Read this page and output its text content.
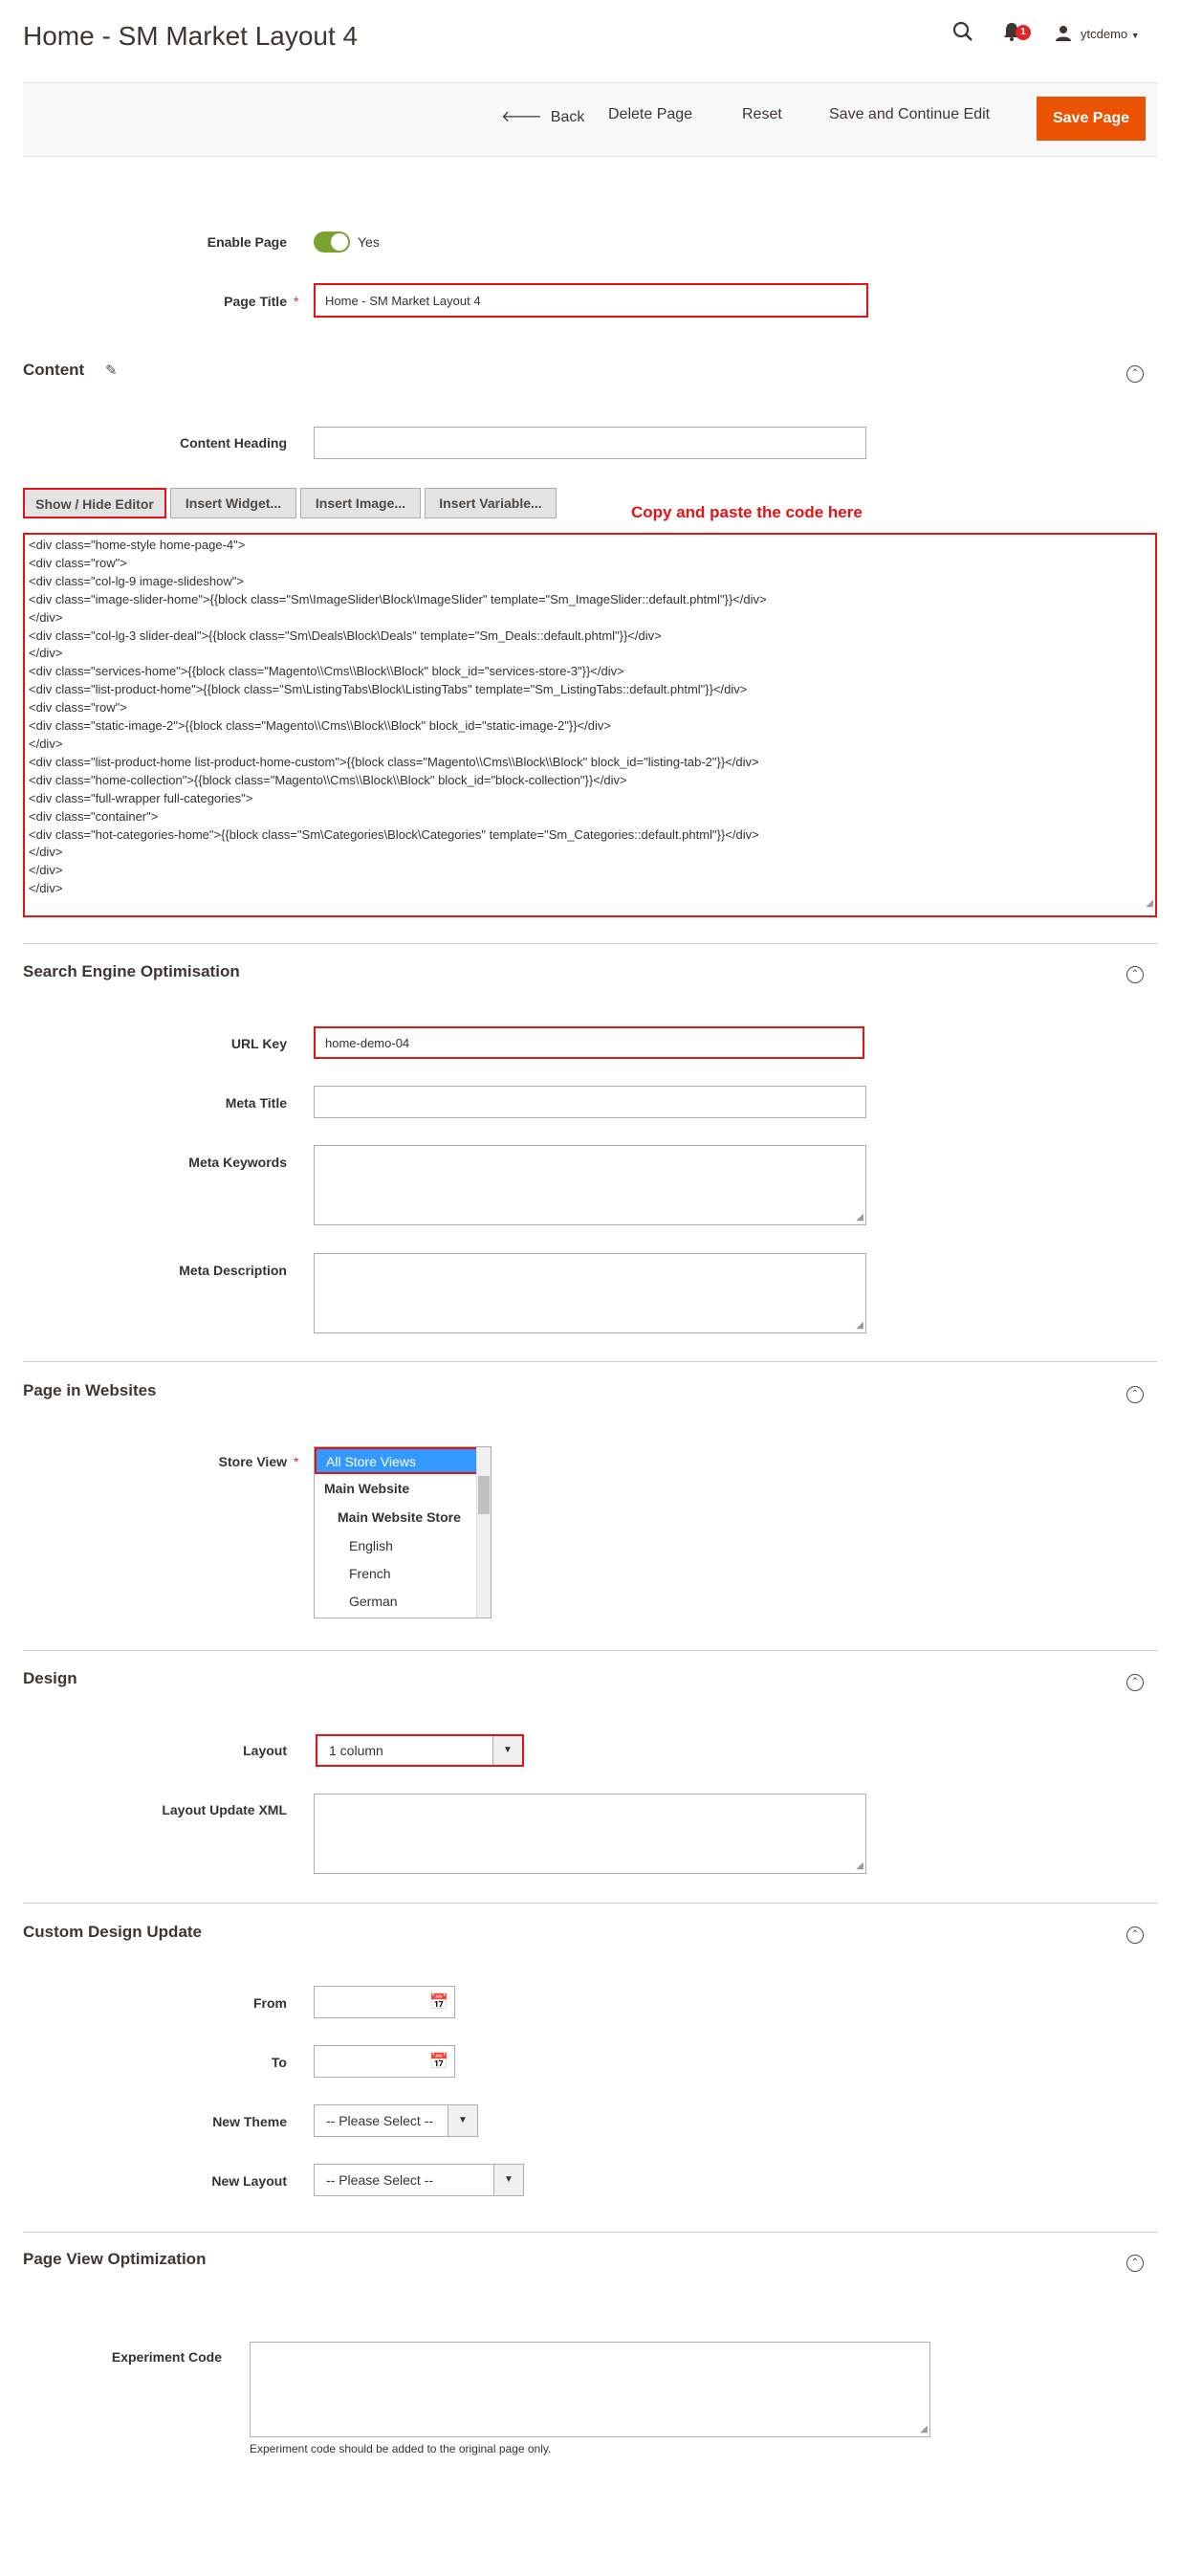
Home - SM Market Layout 4	1	ytcdemo ▼
🡐 Back Delete Page	Reset	Save and Continue Edit	Save Page
Enable Page	Yes
Page Title *
Home - SM Market Layout 4
Content ✎	⌃
Content Heading
Show / Hide Editor	Insert Widget...	Insert Image...	Insert Variable...	Copy and paste the code here
<div class="home-style home-page-4">
<div class="row">
<div class="col-lg-9 image-slideshow">
<div class="image-slider-home">{{block class="Sm\ImageSlider\Block\ImageSlider" template="Sm_ImageSlider::default.phtml"}}</div>
</div>
<div class="col-lg-3 slider-deal">{{block class="Sm\Deals\Block\Deals" template="Sm_Deals::default.phtml"}}</div>
</div>
<div class="services-home">{{block class="Magento\\Cms\\Block\\Block" block_id="services-store-3"}}</div>
<div class="list-product-home">{{block class="Sm\ListingTabs\Block\ListingTabs" template="Sm_ListingTabs::default.phtml"}}</div>
<div class="row">
<div class="static-image-2">{{block class="Magento\\Cms\\Block\\Block" block_id="static-image-2"}}</div>
</div>
<div class="list-product-home list-product-home-custom">{{block class="Magento\\Cms\\Block\\Block" block_id="listing-tab-2"}}</div>
<div class="home-collection">{{block class="Magento\\Cms\\Block\\Block" block_id="block-collection"}}</div>
<div class="full-wrapper full-categories">
<div class="container">
<div class="hot-categories-home">{{block class="Sm\Categories\Block\Categories" template="Sm_Categories::default.phtml"}}</div>
</div>
</div>
</div>
◢
Search Engine Optimisation	⌃
URL Key
home-demo-04
Meta Title
Meta Keywords
◢
Meta Description
◢
Page in Websites	⌃
Store View *	All Store Views
Main Website
Main Website Store
English
French
German
Design	⌃
Layout	1 column	▼
Layout Update XML
◢
Custom Design Update	⌃
From	📅
To	📅
New Theme	-- Please Select --	▼
New Layout	-- Please Select --	▼
Page View Optimization	⌃
Experiment Code
◢
Experiment code should be added to the original page only.
